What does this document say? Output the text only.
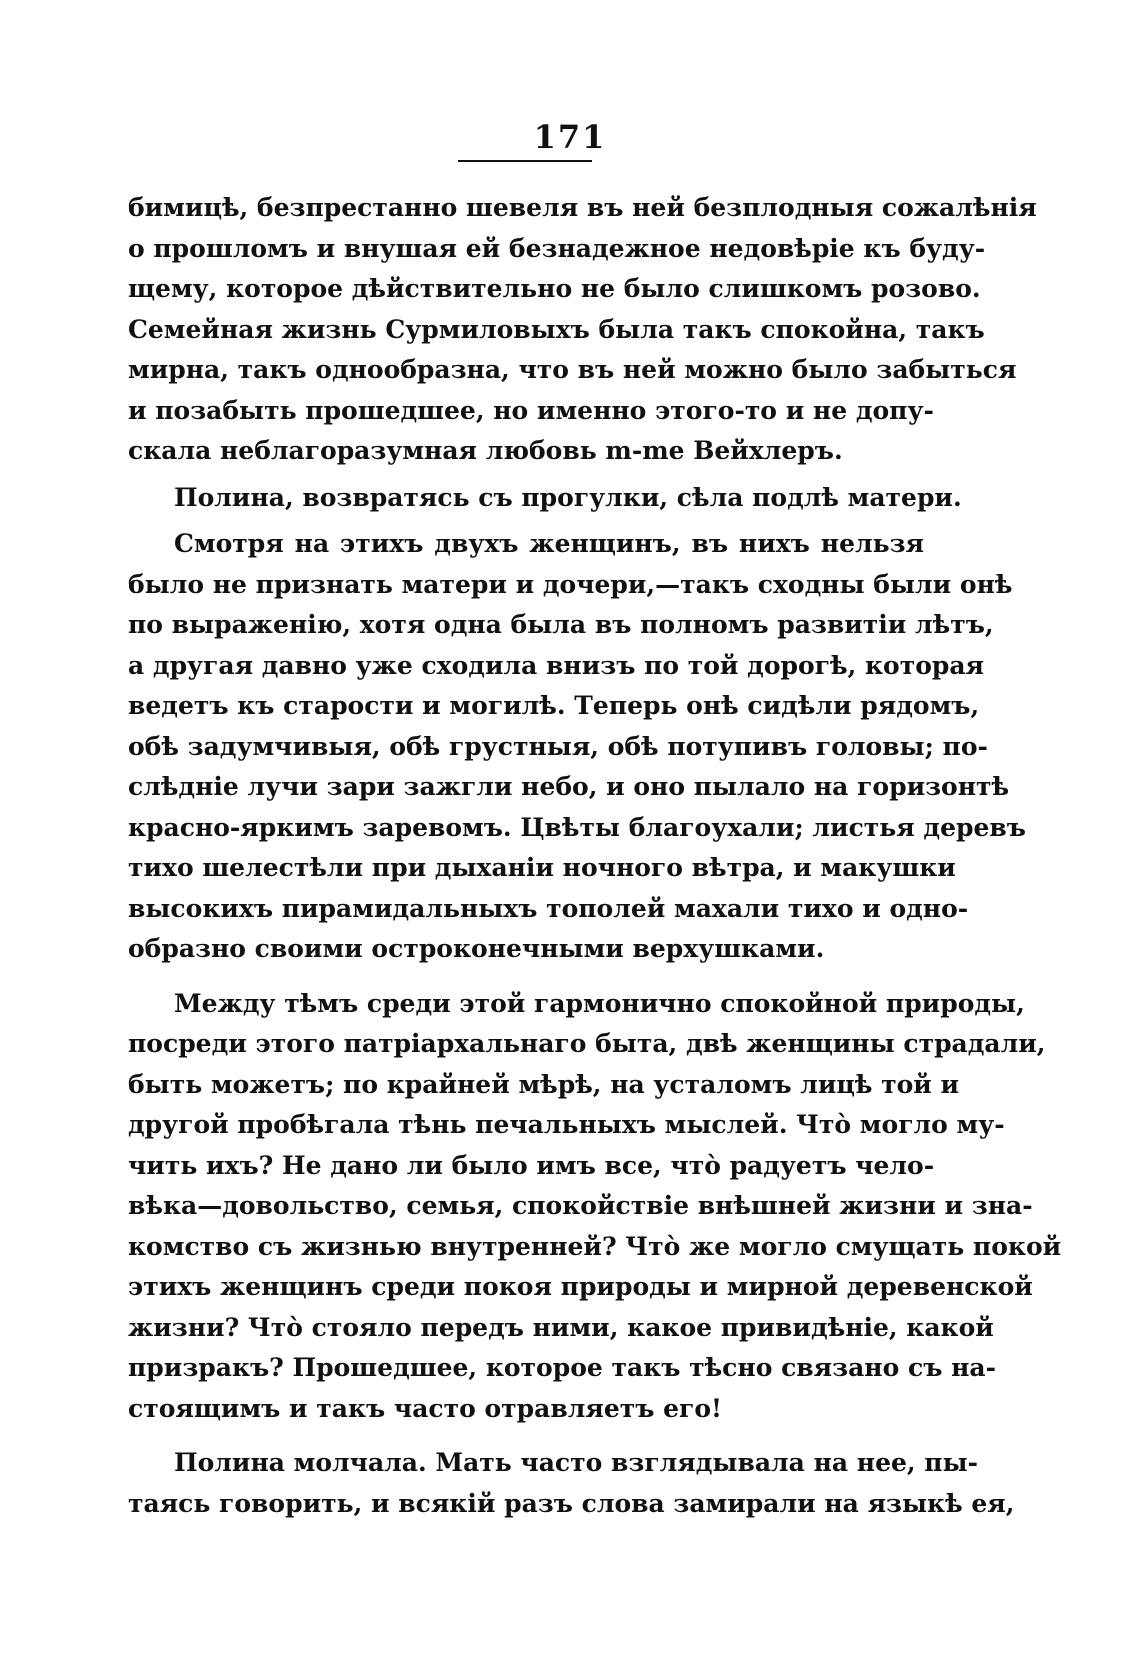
171
бимицѣ, безпрестанно шевеля въ ней безплодныя сожалѣнія
о прошломъ и внушая ей безнадежное недовѣріе къ буду-
щему, которое дѣйствительно не было слишкомъ розово.
Семейная жизнь Сурмиловыхъ была такъ спокойна, такъ
мирна, такъ однообразна, что въ ней можно было забыться
и позабыть прошедшее, но именно этого-то и не допу-
скала неблагоразумная любовь m-me Вейхлеръ.
Полина, возвратясь съ прогулки, сѣла подлѣ матери.
Смотря на этихъ двухъ женщинъ, въ нихъ нельзя
было не признать матери и дочери,—такъ сходны были онѣ
по выраженію, хотя одна была въ полномъ развитіи лѣтъ,
а другая давно уже сходила внизъ по той дорогѣ, которая
ведетъ къ старости и могилѣ. Теперь онѣ сидѣли рядомъ,
обѣ задумчивыя, обѣ грустныя, обѣ потупивъ головы; по-
слѣдніе лучи зари зажгли небо, и оно пылало на горизонтѣ
красно-яркимъ заревомъ. Цвѣты благоухали; листья деревъ
тихо шелестѣли при дыханіи ночного вѣтра, и макушки
высокихъ пирамидальныхъ тополей махали тихо и одно-
образно своими остроконечными верхушками.
Между тѣмъ среди этой гармонично спокойной природы,
посреди этого патріархальнаго быта, двѣ женщины страдали,
быть можетъ; по крайней мѣрѣ, на усталомъ лицѣ той и
другой пробѣгала тѣнь печальныхъ мыслей. Что̀ могло му-
чить ихъ? Не дано ли было имъ все, что̀ радуетъ чело-
вѣка—довольство, семья, спокойствіе внѣшней жизни и зна-
комство съ жизнью внутренней? Что̀ же могло смущать покой
этихъ женщинъ среди покоя природы и мирной деревенской
жизни? Что̀ стояло передъ ними, какое привидѣніе, какой
призракъ? Прошедшее, которое такъ тѣсно связано съ на-
стоящимъ и такъ часто отравляетъ его!
Полина молчала. Мать часто взглядывала на нее, пы-
таясь говорить, и всякій разъ слова замирали на языкѣ ея,
